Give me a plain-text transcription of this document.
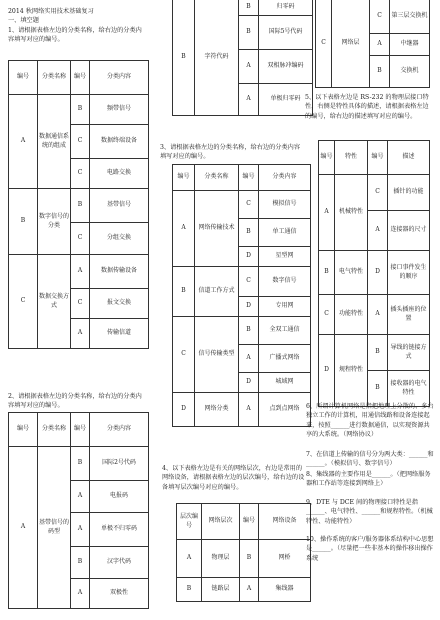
2014 秋网络实用技术基础复习
一、填空题
1、请根据表格左边的分类名称，给右边的分类内容填写对应的编号。
编号	分类名称	编号	分类内容
A	数据通信系统的组成	B	频带信号
		C	数据终端设备
		C	电路交换
B	数字信号的分类	B	基带信号
		C	分组交换
C	数据交换方式	A	数据传输设备
		C	报文交换
		A	传输信道
2、请根据表格左边的分类名称，给右边的分类内容填写对应的编号。
编号	分类名称	编号	分类内容
A	基带信号的码型	B	国际2号代码
		A	电报码
		A	单极不归零码
		B	汉字代码
		A	双极性
B	字符代码	B	归零码
		B	国际5号代码
		A	双相脉冲编码
		A	单极归零码
3、请根据表格左边的分类名称，给右边的分类内容填写对应的编号。
编号	分类名称	编号	分类内容
A	网络传输技术	C	模拟信号
		B	单工通信
		D	星型网
B	信道工作方式	C	数字信号
		D	专用网
C	信号传输类型	B	全双工通信
		A	广播式网络
		D	城域网
D	网络分类	A	点到点网络
4、以下表格左边是有关的网络层次，右边是常用的网络设备，请根据表格左边的层次编号，给右边的设备填写层次编号对应的编号。
层次编号	网络层次	编号	网络设备
A	物理层	B	网桥
B	链路层	A	集线器
C	网络层	C	第三层交换机
		A	中继器
		B	交换机
5、以下表格左边是 RS-232 的物理层接口特性，右侧是特性具体的描述，请根据表格左边的编号，给右边的描述填写对应的编号。
编号	特性	编号	描述
A	机械特性	C	插针的功能
		A	连接器的尺寸
B	电气特性	D	接口事件发生的顺序
C	功能特性	A	插头插座的位置
D	规程特性	B	导线的链接方式
		B	接收器的电气特性
6、所谓计算机网络是指把地理上分散的、多台独立工作的计算机，用通信线路和设备连接起来，按照______进行数据通信，以实现资源共享的大系统。（网络协议）
7、在信道上传输的信号分为两大类：______和______。（模拟信号、数字信号）
8、集线器的主要作用是______。（把网络服务器和工作站等连接到网络上）
9、DTE 与 DCE 间的物理接口特性是指______、电气特性、______和规程特性。（机械特性、功能特性）
10、操作系统的客户/服务器体系结构中心思想是______。（尽量把一些非基本的操作移出操作系统
